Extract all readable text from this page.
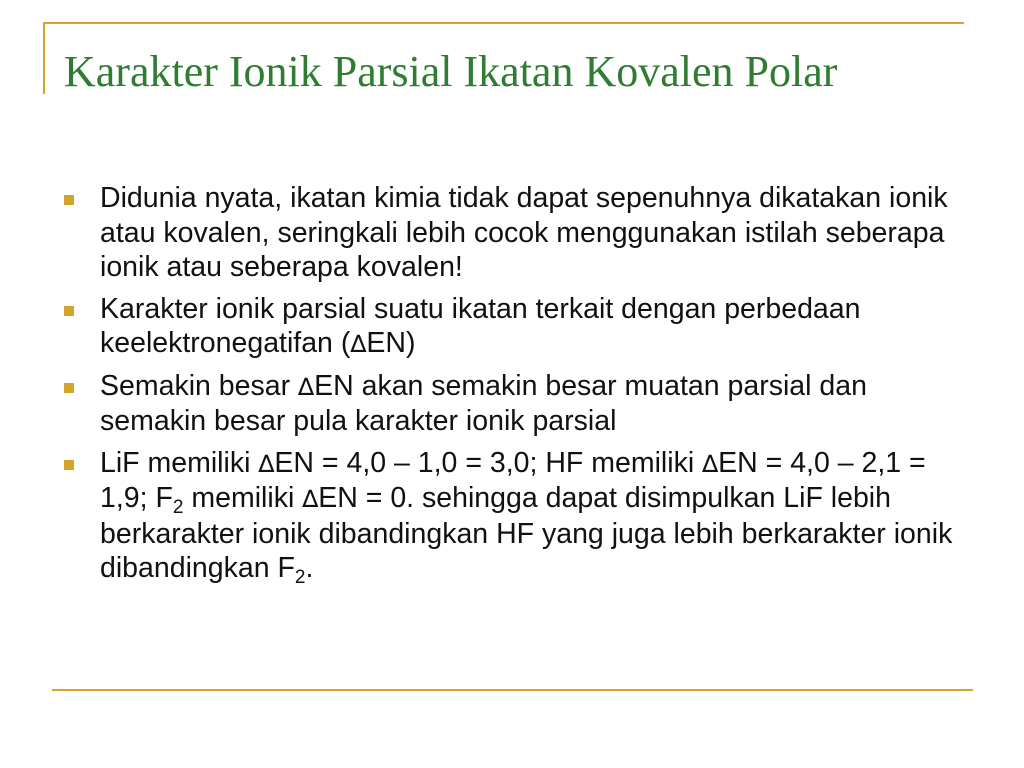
Karakter Ionik Parsial Ikatan Kovalen Polar
Didunia nyata, ikatan kimia tidak dapat sepenuhnya dikatakan ionik atau kovalen, seringkali lebih cocok menggunakan istilah seberapa ionik atau seberapa kovalen!
Karakter ionik parsial suatu ikatan terkait dengan perbedaan keelektronegatifan (∆EN)
Semakin besar ∆EN akan semakin besar muatan parsial dan semakin besar pula karakter ionik parsial
LiF memiliki ∆EN = 4,0 – 1,0 = 3,0; HF memiliki ∆EN = 4,0 – 2,1 = 1,9; $F_2$ memiliki ∆EN = 0. sehingga dapat disimpulkan LiF lebih berkarakter ionik dibandingkan HF yang juga lebih berkarakter ionik dibandingkan $F_2$.
